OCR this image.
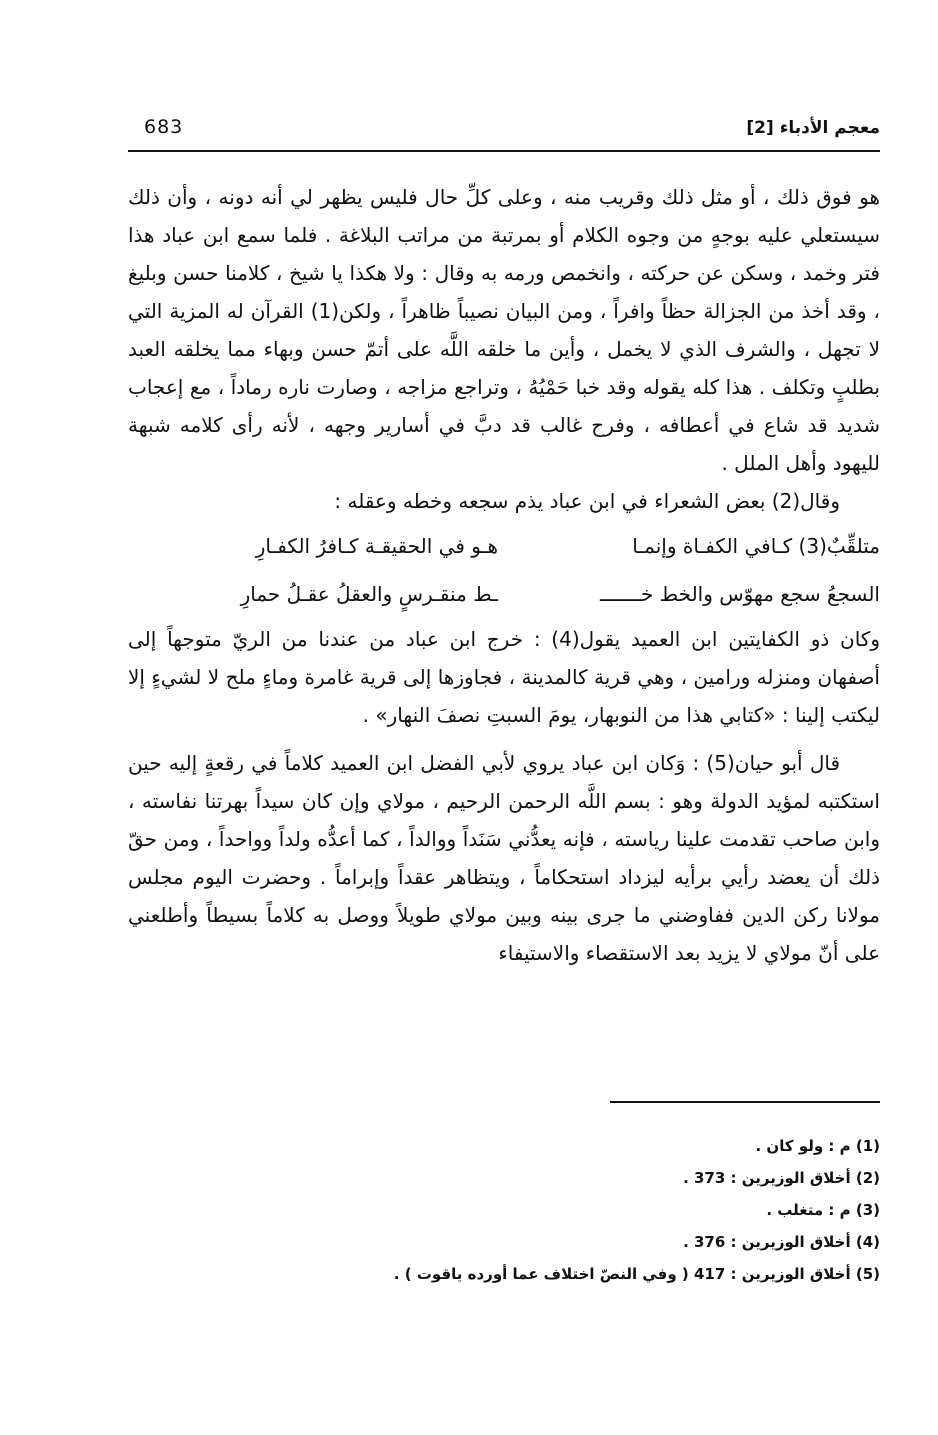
683	معجم الأدباء [2]

هو فوق ذلك ، أو مثل ذلك وقريب منه ، وعلى كلِّ حال فليس يظهر لي أنه دونه ، وأن ذلك سيستعلي عليه بوجهٍ من وجوه الكلام أو بمرتبة من مراتب البلاغة . فلما سمع ابن عباد هذا فتر وخمد ، وسكن عن حركته ، وانخمص ورمه به وقال : ولا هكذا يا شيخ ، كلامنا حسن وبليغ ، وقد أخذ من الجزالة حظاً وافراً ، ومن البيان نصيباً ظاهراً ، ولكن(1) القرآن له المزية التي لا تجهل ، والشرف الذي لا يخمل ، وأين ما خلقه اللَّه على أتمّ حسن وبهاء مما يخلقه العبد بطلبٍ وتكلف . هذا كله يقوله وقد خبا حَمْيُهُ ، وتراجع مزاجه ، وصارت ناره رماداً ، مع إعجاب شديد قد شاع في أعطافه ، وفرح غالب قد دبَّ في أسارير وجهه ، لأنه رأى كلامه شبهة لليهود وأهل الملل .

وقال(2) بعض الشعراء في ابن عباد يذم سجعه وخطه وعقله :

متلقِّبٌ(3) كـافي الكفـاة وإنمـا
هـو في الحقيقـة كـافرُ الكفـارِ
السجعُ سجع مهوّس والخط خـــــــ
ـط منقـرسٍ والعقلُ عقـلُ حمارِ

وكان ذو الكفايتين ابن العميد يقول(4) : خرج ابن عباد من عندنا من الريّ متوجهاً إلى أصفهان ومنزله ورامين ، وهي قرية كالمدينة ، فجاوزها إلى قرية غامرة وماءٍ ملح لا لشيءٍ إلا ليكتب إلينا : «كتابي هذا من النوبهار، يومَ السبتِ نصفَ النهار» .

قال أبو حيان(5) : وَكان ابن عباد يروي لأبي الفضل ابن العميد كلاماً في رقعةٍ إليه حين استكتبه لمؤيد الدولة وهو : بسم اللَّه الرحمن الرحيم ، مولاي وإن كان سيداً بهرتنا نفاسته ، وابن صاحب تقدمت علينا رياسته ، فإنه يعدُّني سَنَداً ووالداً ، كما أعدُّه ولداً وواحداً ، ومن حقّ ذلك أن يعضد رأيي برأيه ليزداد استحكاماً ، ويتظاهر عقداً وإبراماً . وحضرت اليوم مجلس مولانا ركن الدين ففاوضني ما جرى بينه وبين مولاي طويلاً ووصل به كلاماً بسيطاً وأطلعني على أنّ مولاي لا يزيد بعد الاستقصاء والاستيفاء

(1) م : ولو كان .

(2) أخلاق الوزيرين : 373 .

(3) م : متغلب .

(4) أخلاق الوزيرين : 376 .

(5) أخلاق الوزيرين : 417 ( وفي النصّ اختلاف عما أورده ياقوت ) .
